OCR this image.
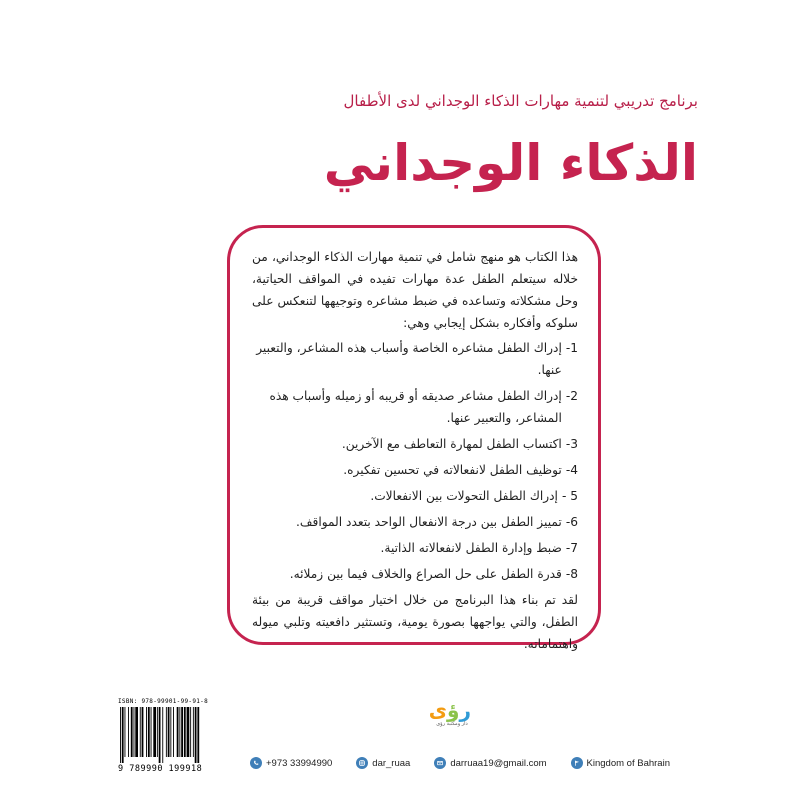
برنامج تدريبي لتنمية مهارات الذكاء الوجداني لدى الأطفال
الذكاء الوجداني

هذا الكتاب هو منهج شامل في تنمية مهارات الذكاء الوجداني، من خلاله سيتعلم الطفل عدة مهارات تفيده في المواقف الحياتية، وحل مشكلاته وتساعده في ضبط مشاعره وتوجيهها لتنعكس على سلوكه وأفكاره بشكل إيجابي وهي:

1-
إدراك الطفل مشاعره الخاصة وأسباب هذه المشاعر، والتعبير عنها.
2-
إدراك الطفل مشاعر صديقه أو قريبه أو زميله وأسباب هذه المشاعر، والتعبير عنها.
3-
اكتساب الطفل لمهارة التعاطف مع الآخرين.
4-
توظيف الطفل لانفعالاته في تحسين تفكيره.
5 -
إدراك الطفل التحولات بين الانفعالات.
6-
تمييز الطفل بين درجة الانفعال الواحد بتعدد المواقف.
7-
ضبط وإدارة الطفل لانفعالاته الذاتية.
8-
قدرة الطفل على حل الصراع والخلاف فيما بين زملائه.

لقد تم بناء هذا البرنامج من خلال اختيار مواقف قريبة من بيئة الطفل، والتي يواجهها بصورة يومية، وتستثير دافعيته وتلبي ميوله واهتماماته.

ISBN: 978-99901-99-91-8
9 789990 199918
رؤى
دار ومكتبة رؤى
+973 33994990	dar_ruaa	darruaa19@gmail.com	Kingdom of Bahrain
